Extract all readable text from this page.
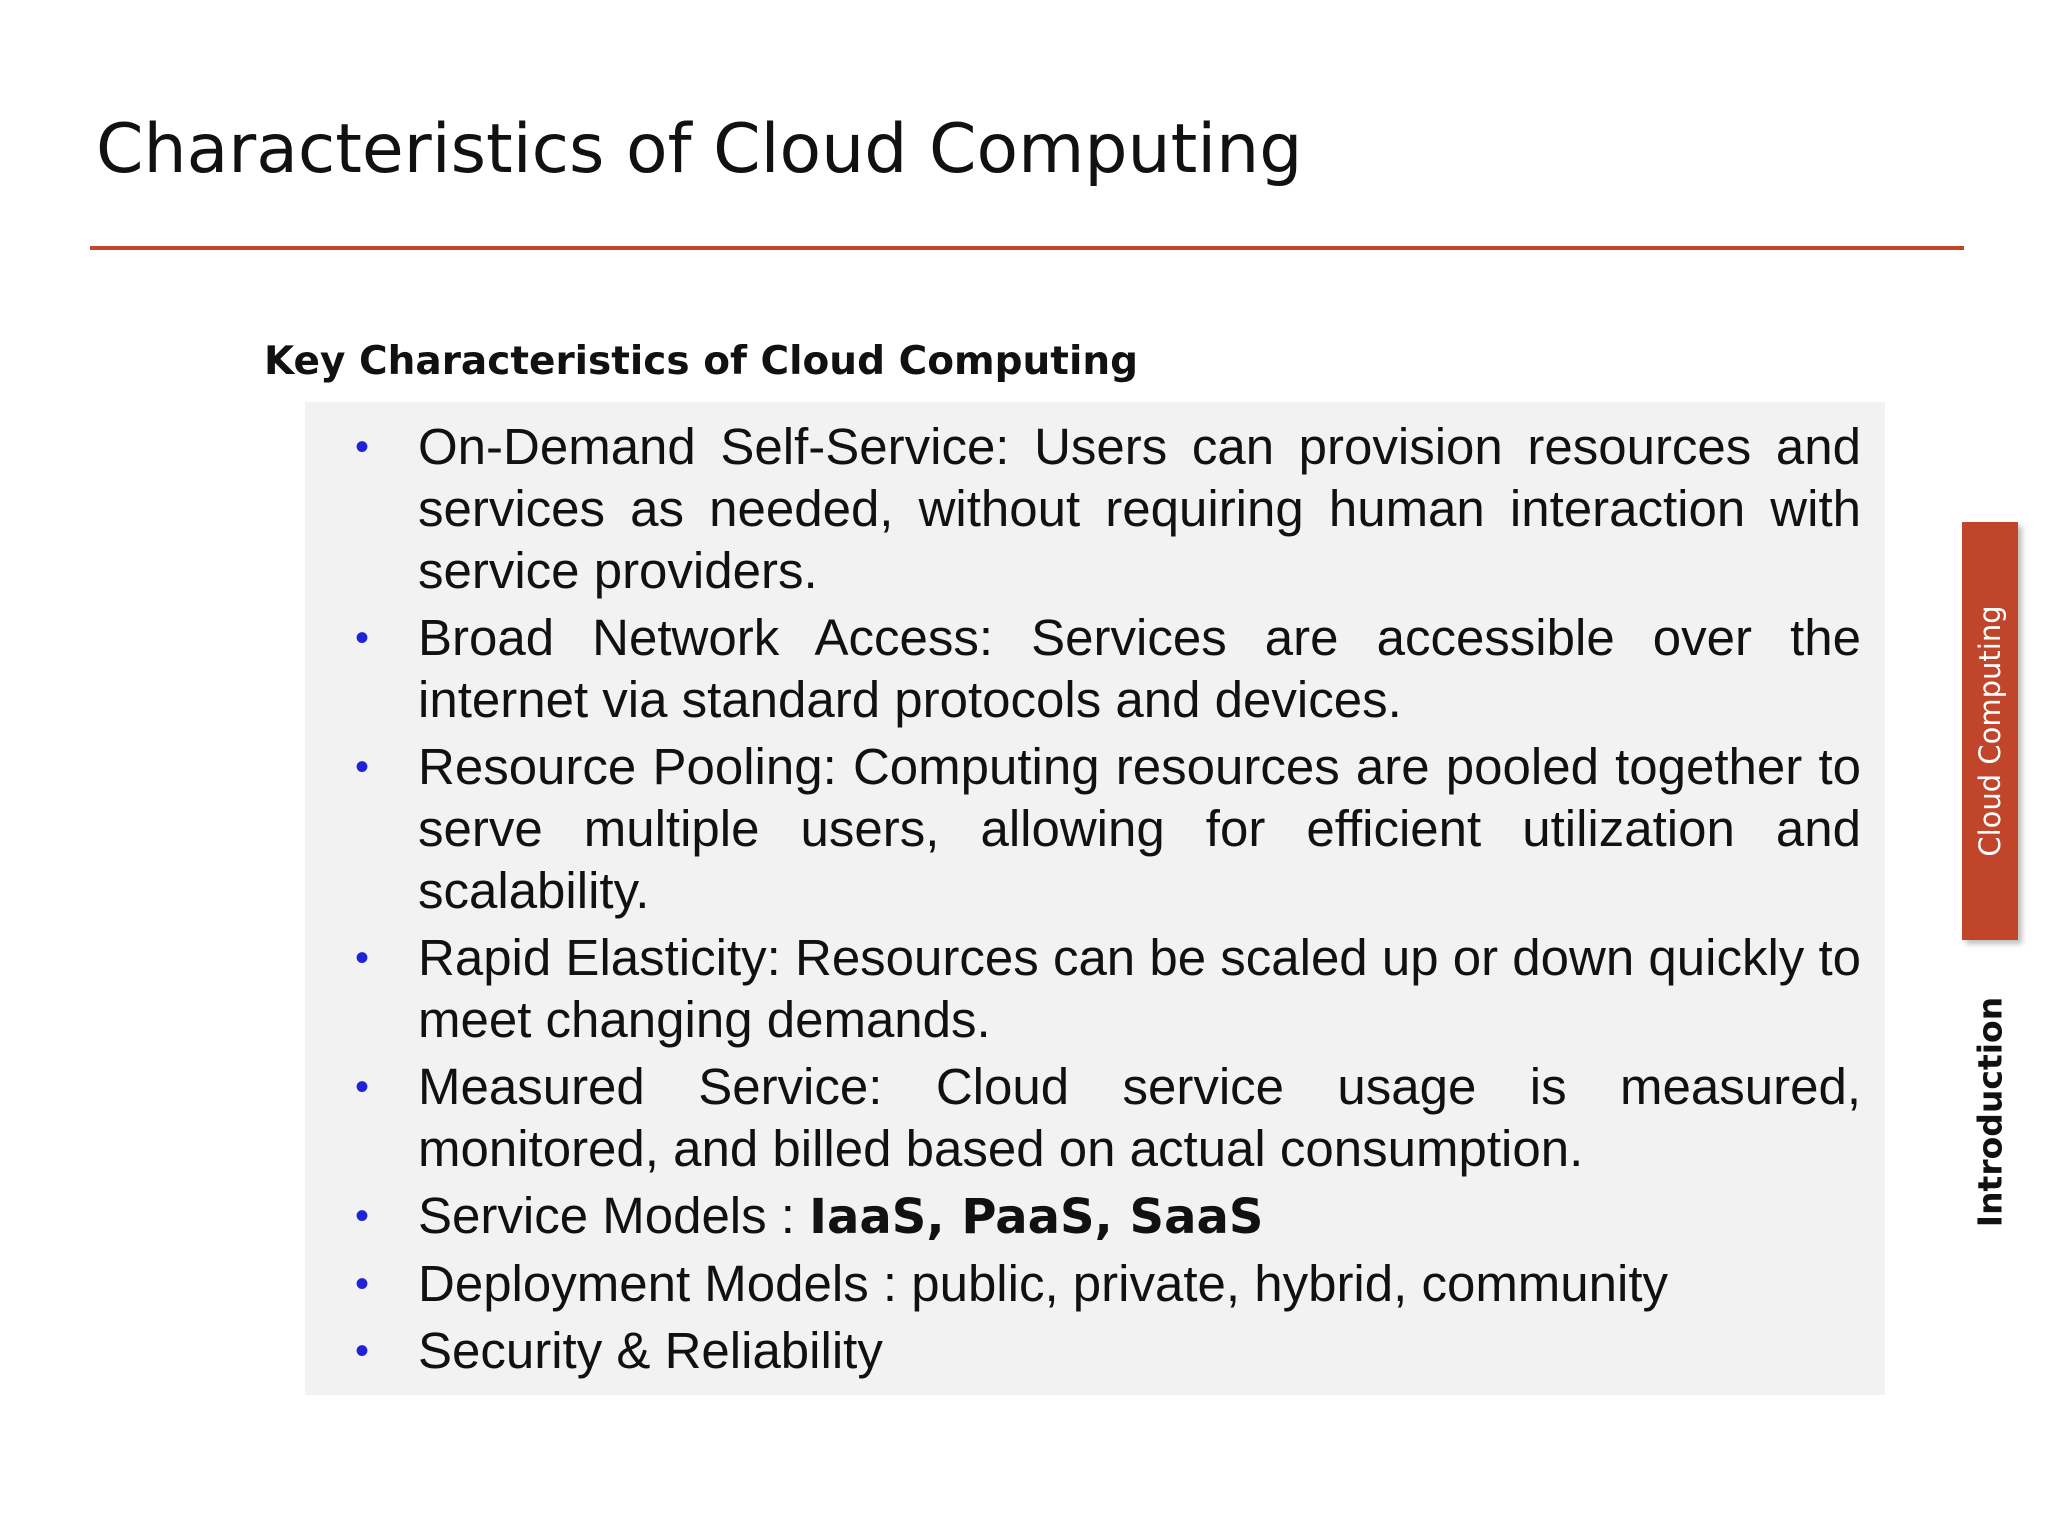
Characteristics of Cloud Computing
Key Characteristics of Cloud Computing
• On-Demand Self-Service: Users can provision resources and services as needed, without requiring human interaction with service providers.
• Broad Network Access: Services are accessible over the internet via standard protocols and devices.
• Resource Pooling: Computing resources are pooled together to serve multiple users, allowing for efficient utilization and scalability.
• Rapid Elasticity: Resources can be scaled up or down quickly to meet changing demands.
• Measured Service: Cloud service usage is measured, monitored, and billed based on actual consumption.
• Service Models : IaaS, PaaS, SaaS
• Deployment Models : public, private, hybrid, community
• Security & Reliability
Cloud Computing
Introduction
